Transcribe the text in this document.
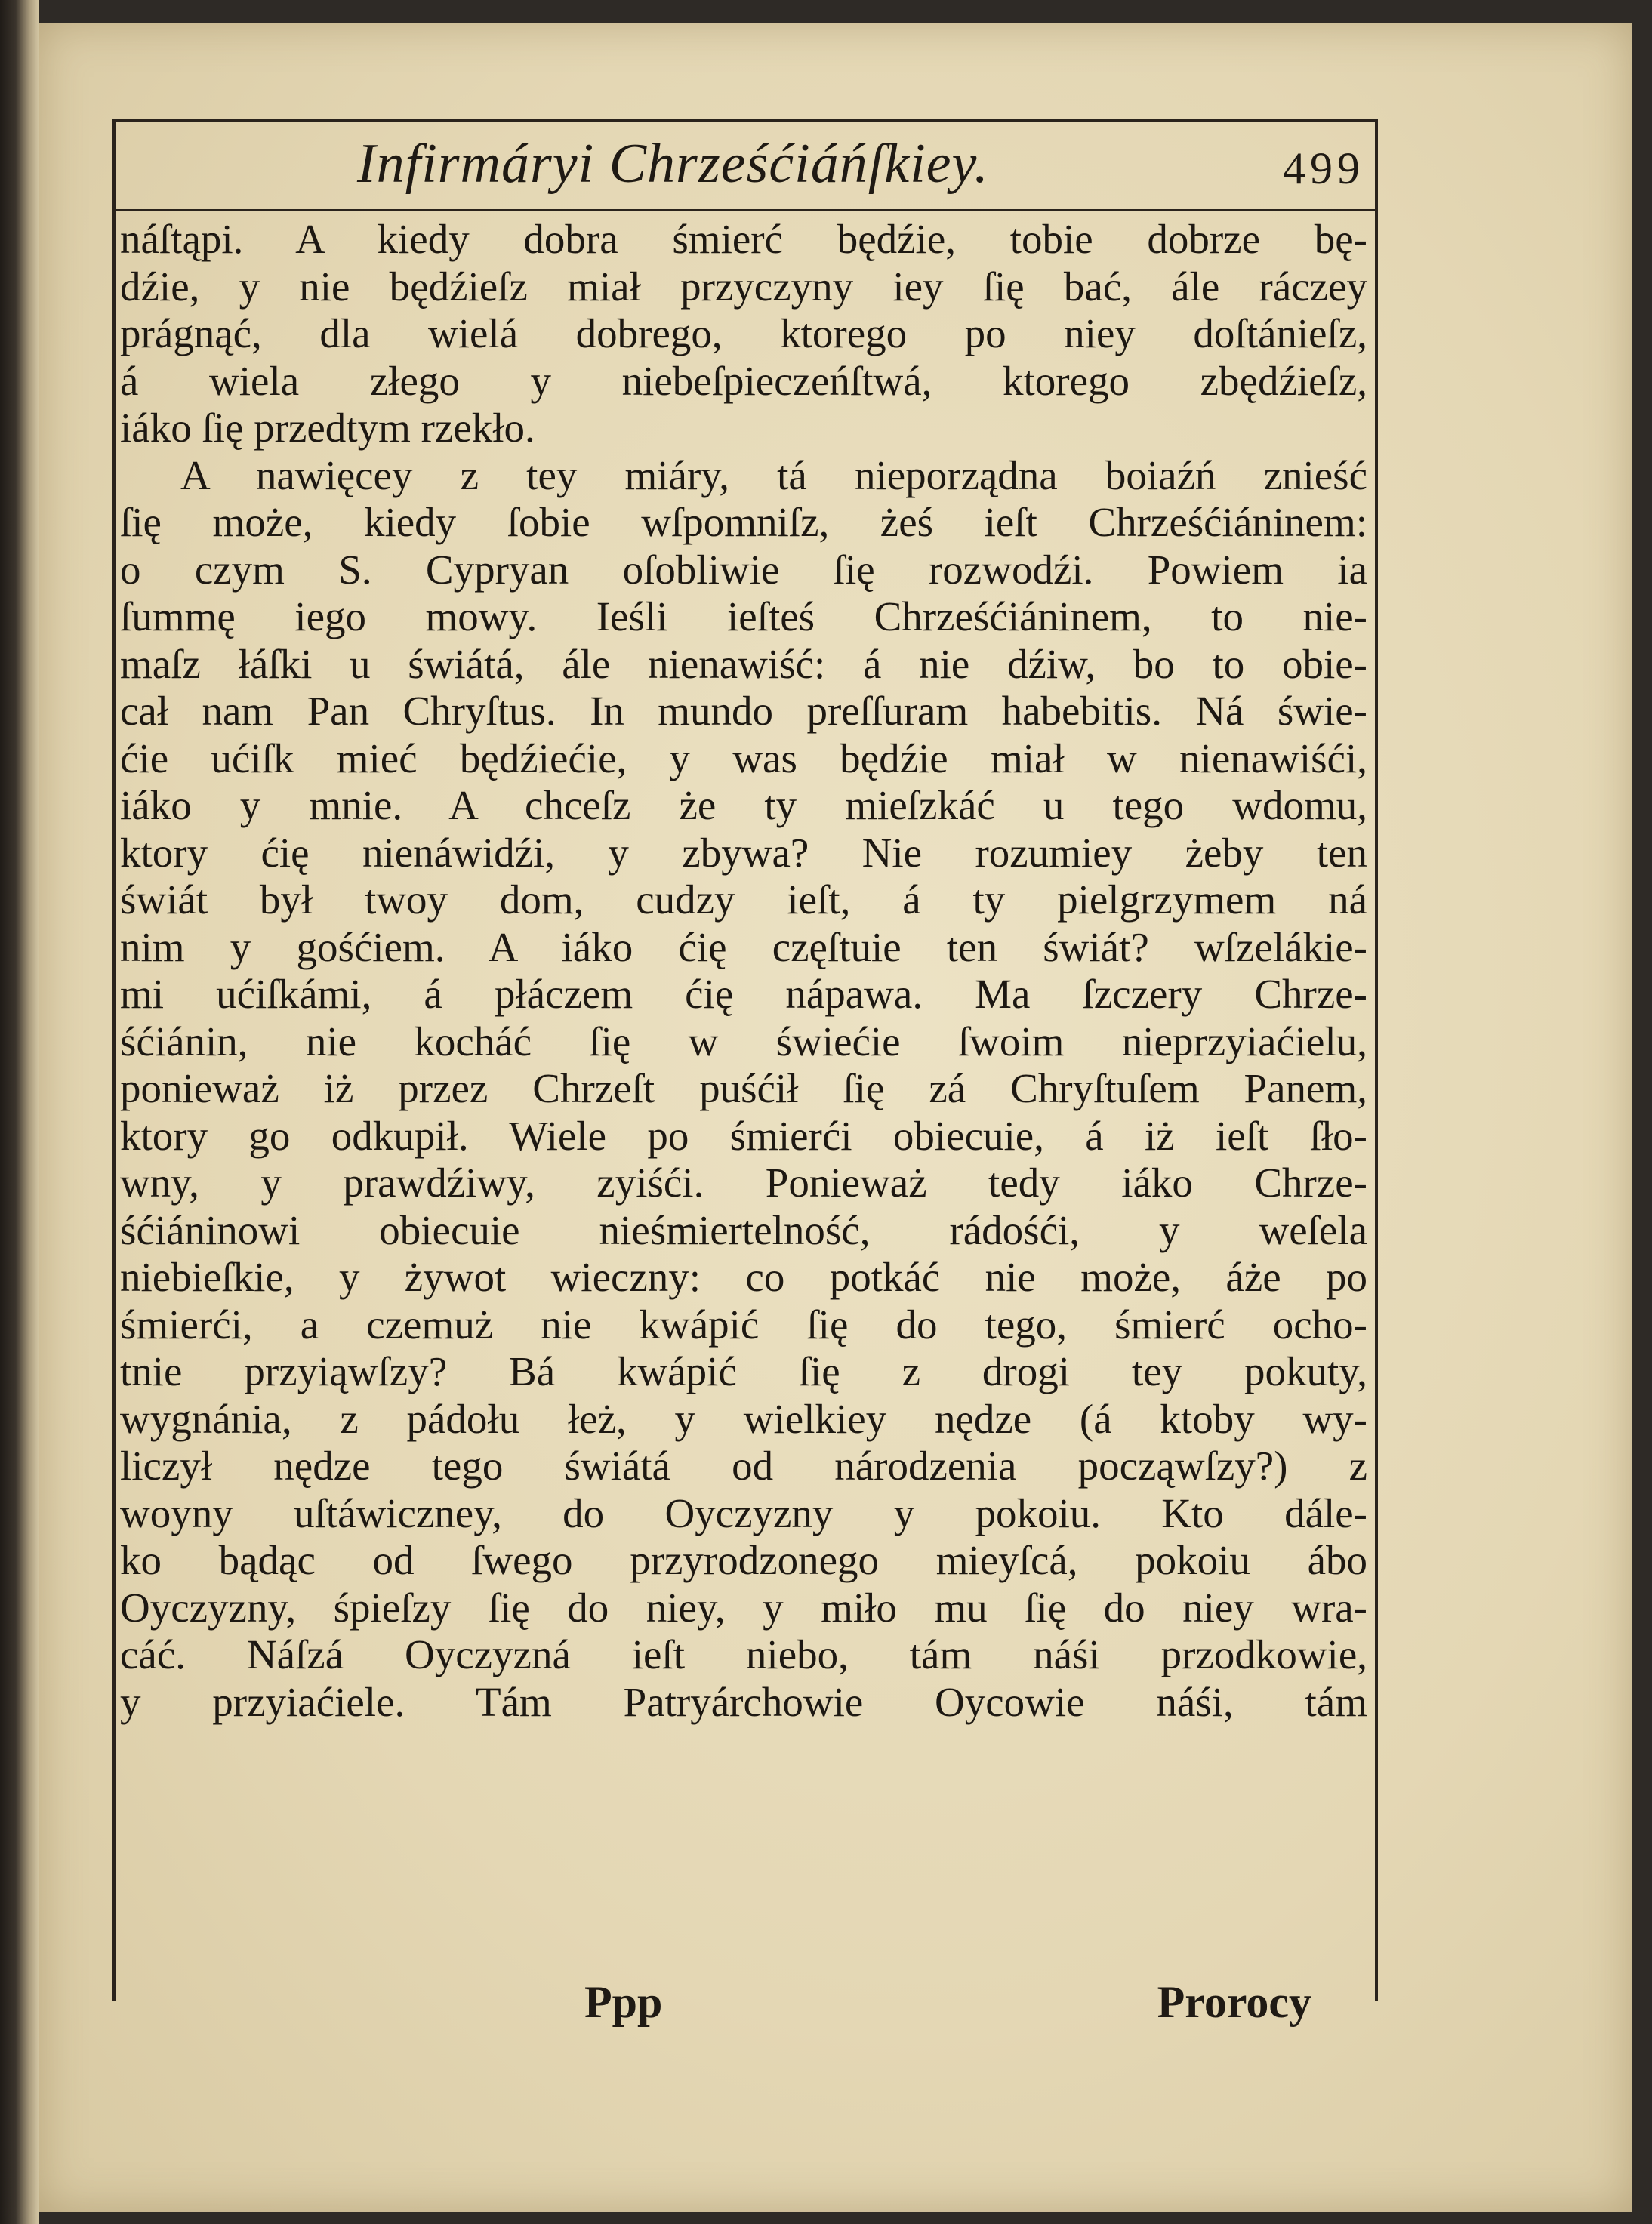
Infirmáryi Chrześćiáńſkiey.	499
náſtąpi. A kiedy dobra śmierć będźie, tobie dobrze bę-
dźie, y nie będźieſz miał przyczyny iey ſię bać, ále ráczey
prágnąć, dla wielá dobrego, ktorego po niey doſtánieſz,
á wiela złego y niebeſpieczeńſtwá, ktorego zbędźieſz,
iáko ſię przedtym rzekło.
A nawięcey z tey miáry, tá nieporządna boiaźń znieść
ſię może, kiedy ſobie wſpomniſz, żeś ieſt Chrześćiáninem:
o czym S. Cypryan oſobliwie ſię rozwodźi. Powiem ia
ſummę iego mowy. Ieśli ieſteś Chrześćiáninem, to nie-
maſz łáſki u świátá, ále nienawiść: á nie dźiw, bo to obie-
cał nam Pan Chryſtus. In mundo preſſuram habebitis. Ná świe-
ćie ućiſk mieć będźiećie, y was będźie miał w nienawiśći,
iáko y mnie. A chceſz że ty mieſzkáć u tego wdomu,
ktory ćię nienáwidźi, y zbywa? Nie rozumiey żeby ten
świát był twoy dom, cudzy ieſt, á ty pielgrzymem ná
nim y gośćiem. A iáko ćię częſtuie ten świát? wſzelákie-
mi ućiſkámi, á płáczem ćię nápawa. Ma ſzczery Chrze-
śćiánin, nie kocháć ſię w świećie ſwoim nieprzyiaćielu,
ponieważ iż przez Chrzeſt puśćił ſię zá Chryſtuſem Panem,
ktory go odkupił. Wiele po śmierći obiecuie, á iż ieſt ſło-
wny, y prawdźiwy, zyiśći. Ponieważ tedy iáko Chrze-
śćiáninowi obiecuie nieśmiertelność, rádośći, y weſela
niebieſkie, y żywot wieczny: co potkáć nie może, áże po
śmierći, a czemuż nie kwápić ſię do tego, śmierć ocho-
tnie przyiąwſzy? Bá kwápić ſię z drogi tey pokuty,
wygnánia, z pádołu łeż, y wielkiey nędze (á ktoby wy-
liczył nędze tego świátá od národzenia począwſzy?) z
woyny uſtáwiczney, do Oyczyzny y pokoiu. Kto dále-
ko bądąc od ſwego przyrodzonego mieyſcá, pokoiu ábo
Oyczyzny, śpieſzy ſię do niey, y miło mu ſię do niey wra-
cáć. Náſzá Oyczyzná ieſt niebo, tám náśi przodkowie,
y przyiaćiele. Tám Patryárchowie Oycowie náśi, tám
Ppp	Prorocy
